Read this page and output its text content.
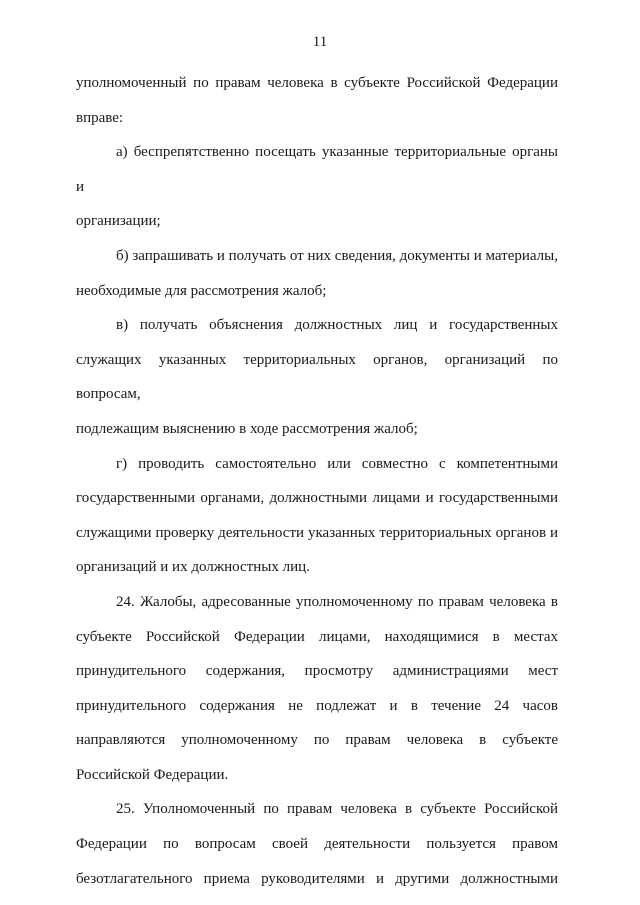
11

уполномоченный по правам человека в субъекте Российской Федерации

вправе:

а) беспрепятственно посещать указанные территориальные органы и

организации;

б) запрашивать и получать от них сведения, документы и материалы,

необходимые для рассмотрения жалоб;

в) получать объяснения должностных лиц и государственных

служащих указанных территориальных органов, организаций по вопросам,

подлежащим выяснению в ходе рассмотрения жалоб;

г) проводить самостоятельно или совместно с компетентными

государственными органами, должностными лицами и государственными

служащими проверку деятельности указанных территориальных органов и

организаций и их должностных лиц.

24. Жалобы, адресованные уполномоченному по правам человека в

субъекте Российской Федерации лицами, находящимися в местах

принудительного содержания, просмотру администрациями мест

принудительного содержания не подлежат и в течение 24 часов

направляются уполномоченному по правам человека в субъекте

Российской Федерации.

25. Уполномоченный по правам человека в субъекте Российской

Федерации по вопросам своей деятельности пользуется правом

безотлагательного приема руководителями и другими должностными
